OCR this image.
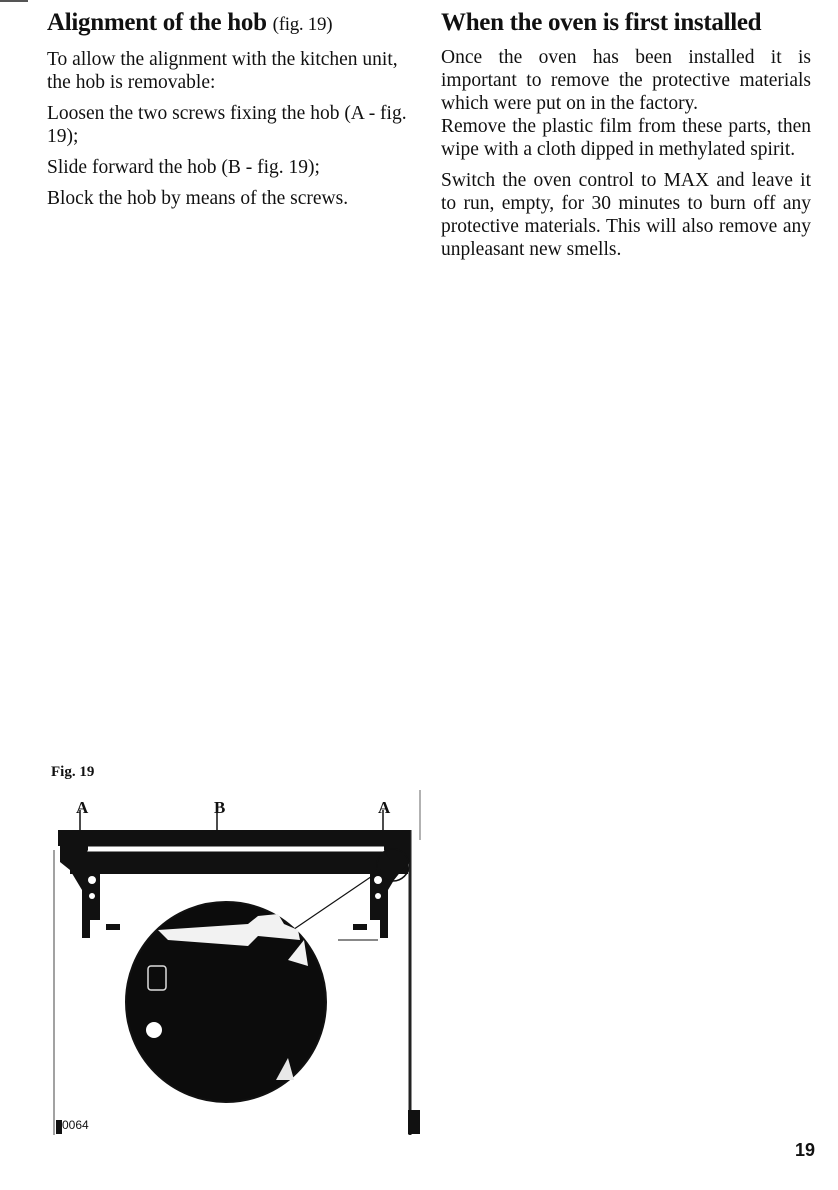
Alignment of the hob (fig. 19)

To allow the alignment with the kitchen unit, the hob is removable:

Loosen the two screws fixing the hob (A - fig. 19);

Slide forward the hob (B - fig. 19);

Block the hob by means of the screws.

When the oven is first installed

Once the oven has been installed it is important to remove the protective materials which were put on in the factory.

Remove the plastic film from these parts, then wipe with a cloth dipped in methylated spirit.

Switch the oven control to MAX and leave it to run, empty, for 30 minutes to burn off any protective materials. This will also remove any unpleasant new smells.

Fig. 19
A	B	A
0064
19
